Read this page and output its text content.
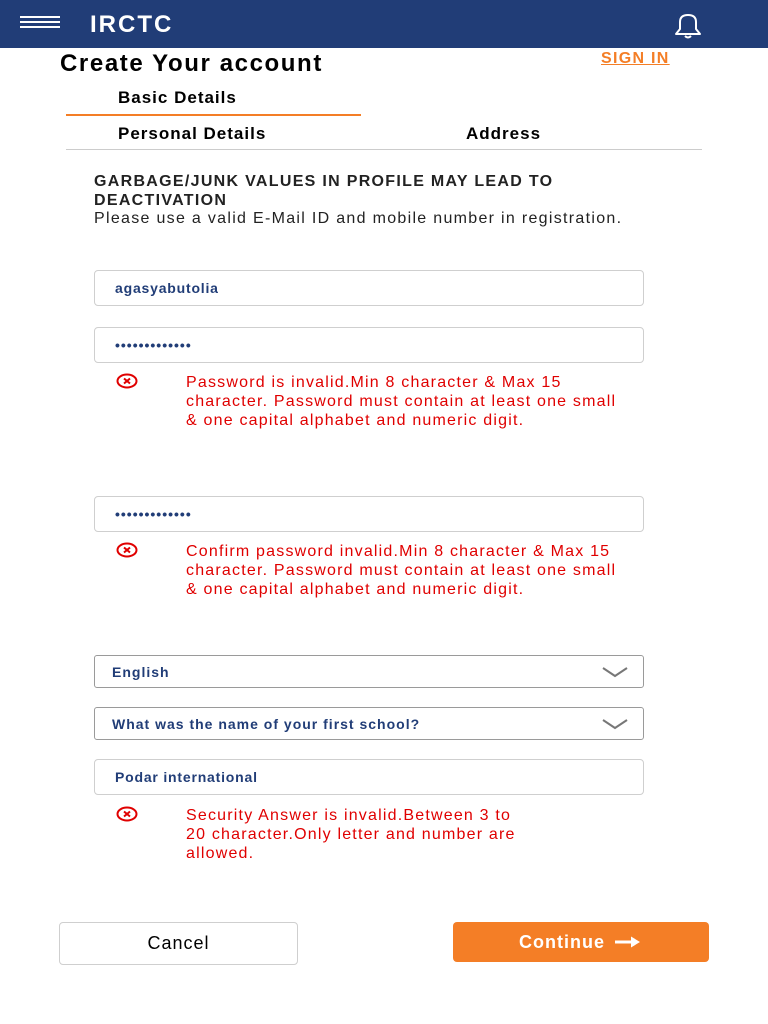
IRCTC
Create Your account	SIGN IN
Basic Details
Personal Details	Address
GARBAGE/JUNK VALUES IN PROFILE MAY LEAD TO DEACTIVATION
Please use a valid E-Mail ID and mobile number in registration.
agasyabutolia
•••••••••••••
Password is invalid.Min 8 character & Max 15 character. Password must contain at least one small & one capital alphabet and numeric digit.
•••••••••••••
Confirm password invalid.Min 8 character & Max 15 character. Password must contain at least one small & one capital alphabet and numeric digit.
English
What was the name of your first school?
Podar international
Security Answer is invalid.Between 3 to 20 character.Only letter and number are allowed.
Cancel	Continue
